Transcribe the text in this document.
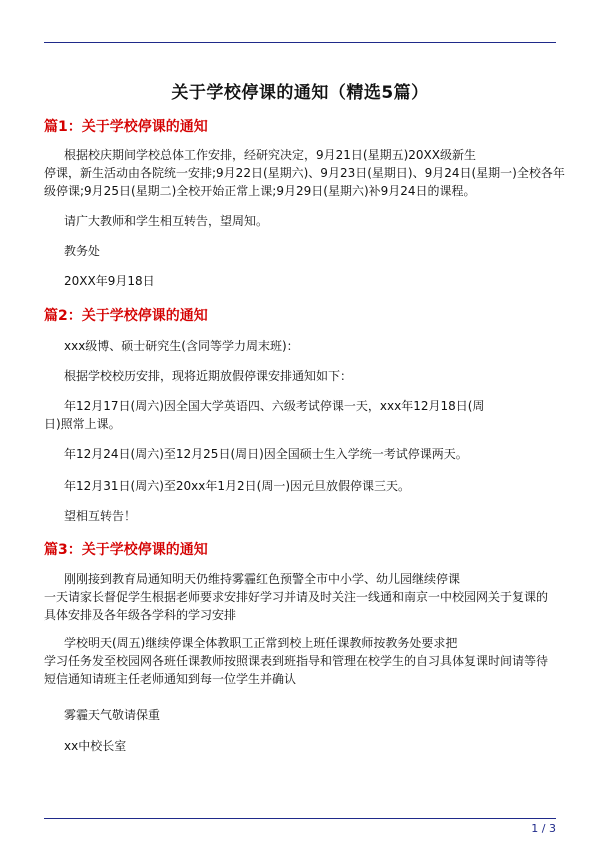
关于学校停课的通知（精选5篇）
篇1：关于学校停课的通知

根据校庆期间学校总体工作安排，经研究决定，9月21日(星期五)20XX级新生
停课，新生活动由各院统一安排;9月22日(星期六)、9月23日(星期日)、9月24日(星期一)全校各年
级停课;9月25日(星期二)全校开始正常上课;9月29日(星期六)补9月24日的课程。

请广大教师和学生相互转告，望周知。

教务处

20XX年9月18日

篇2：关于学校停课的通知

xxx级博、硕士研究生(含同等学力周末班)：

根据学校校历安排，现将近期放假停课安排通知如下：

年12月17日(周六)因全国大学英语四、六级考试停课一天，xxx年12月18日(周
日)照常上课。

年12月24日(周六)至12月25日(周日)因全国硕士生入学统一考试停课两天。

年12月31日(周六)至20xx年1月2日(周一)因元旦放假停课三天。

望相互转告！

篇3：关于学校停课的通知

刚刚接到教育局通知明天仍维持雾霾红色预警全市中小学、幼儿园继续停课
一天请家长督促学生根据老师要求安排好学习并请及时关注一线通和南京一中校园网关于复课的
具体安排及各年级各学科的学习安排

学校明天(周五)继续停课全体教职工正常到校上班任课教师按教务处要求把
学习任务发至校园网各班任课教师按照课表到班指导和管理在校学生的自习具体复课时间请等待
短信通知请班主任老师通知到每一位学生并确认

雾霾天气敬请保重

xx中校长室

1 / 3
